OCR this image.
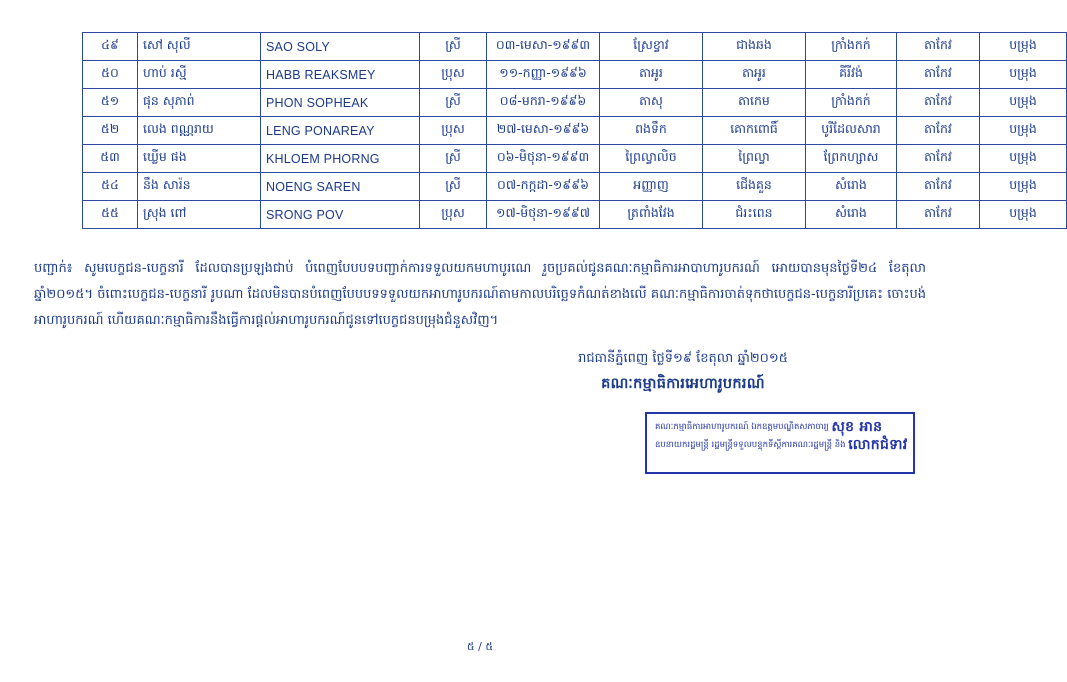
៤៩	សៅ សុលី	SAO SOLY	ស្រី	០៣-មេសា-១៩៩៣	ស្រែខ្វាវ	ជាងឆង	ក្រាំងកក់	តាកែវ	បម្រុង
៥០	ហាប់ រស្មី	HABB REAKSMEY	ប្រុស	១១-កញ្ញា-១៩៩៦	តាអូរ	តាអូរ	គីរីវង់	តាកែវ	បម្រុង
៥១	ផុន សុភាព់	PHON SOPHEAK	ស្រី	០៨-មករា-១៩៩៦	តាសុ	តាកេម	ក្រាំងកក់	តាកែវ	បម្រុង
៥២	លេង ពណ្ណរាយ	LENG PONAREAY	ប្រុស	២៧-មេសា-១៩៩៦	ពងទឹក	គោកពោធិ៍	បូរីដែលសារា	តាកែវ	បម្រុង
៥៣	ឃ្លើម ផង	KHLOEM PHORNG	ស្រី	០៦-មិថុនា-១៩៩៣	ព្រៃល្វាលិច	ព្រៃល្វា	ព្រែកហ្សាស	តាកែវ	បម្រុង
៥៤	នឹង សារ៉ន	NOENG SAREN	ស្រី	០៧-កក្កដា-១៩៩៦	អញ្ញាញ	ជើងគួន	សំរោង	តាកែវ	បម្រុង
៥៥	ស្រុង ពៅ	SRONG POV	ប្រុស	១៧-មិថុនា-១៩៩៧	ត្រពាំងវែង	ជំរះពេន	សំរោង	តាកែវ	បម្រុង

បញ្ជាក់៖ សូមបេក្ខជន-បេក្ខនារី ដែលបានប្រឡងជាប់ បំពេញបែបបទបញ្ជាក់ការទទួលយកមហាបូរណេ រួចប្រគល់ជូនគណៈកម្មាធិការអាបាហារូបករណ៍ អោយបានមុនថ្ងៃទី២៤ ខែតុលា ឆ្នាំ២០១៥។ ចំពោះបេក្ខជន-បេក្ខនារី រូបណា ដែលមិនបានបំពេញបែបបទទទួលយកអាហារូបករណ៍តាមកាលបរិច្ឆេទកំណត់ខាងលើ គណៈកម្មាធិការចាត់ទុកថាបេក្ខជន-បេក្ខនារីប្រគេះ ចោះបង់អាហារូបករណ៍ ហើយគណៈកម្មាធិការនឹងធ្វើការផ្តល់អាហារូបករណ៍ជូនទៅបេក្ខជនបម្រុងជំនួសវិញ។

រាជធានីភ្នំពេញ ថ្ងៃទី១៩ ខែតុលា ឆ្នាំ២០១៥
គណៈកម្មាធិការអេហារូបករណ៍
គណៈកម្មាធិការអាហារូបករណ៍ ឯកឧត្តមបណ្ឌិតសភាចារ្យ សុខ អាន
ឧបនាយករដ្ឋមន្ត្រី រដ្ឋមន្ត្រីទទួលបន្ទុកទីស្តីការគណៈរដ្ឋមន្ត្រី និង លោកជំទាវ
៥ / ៥
